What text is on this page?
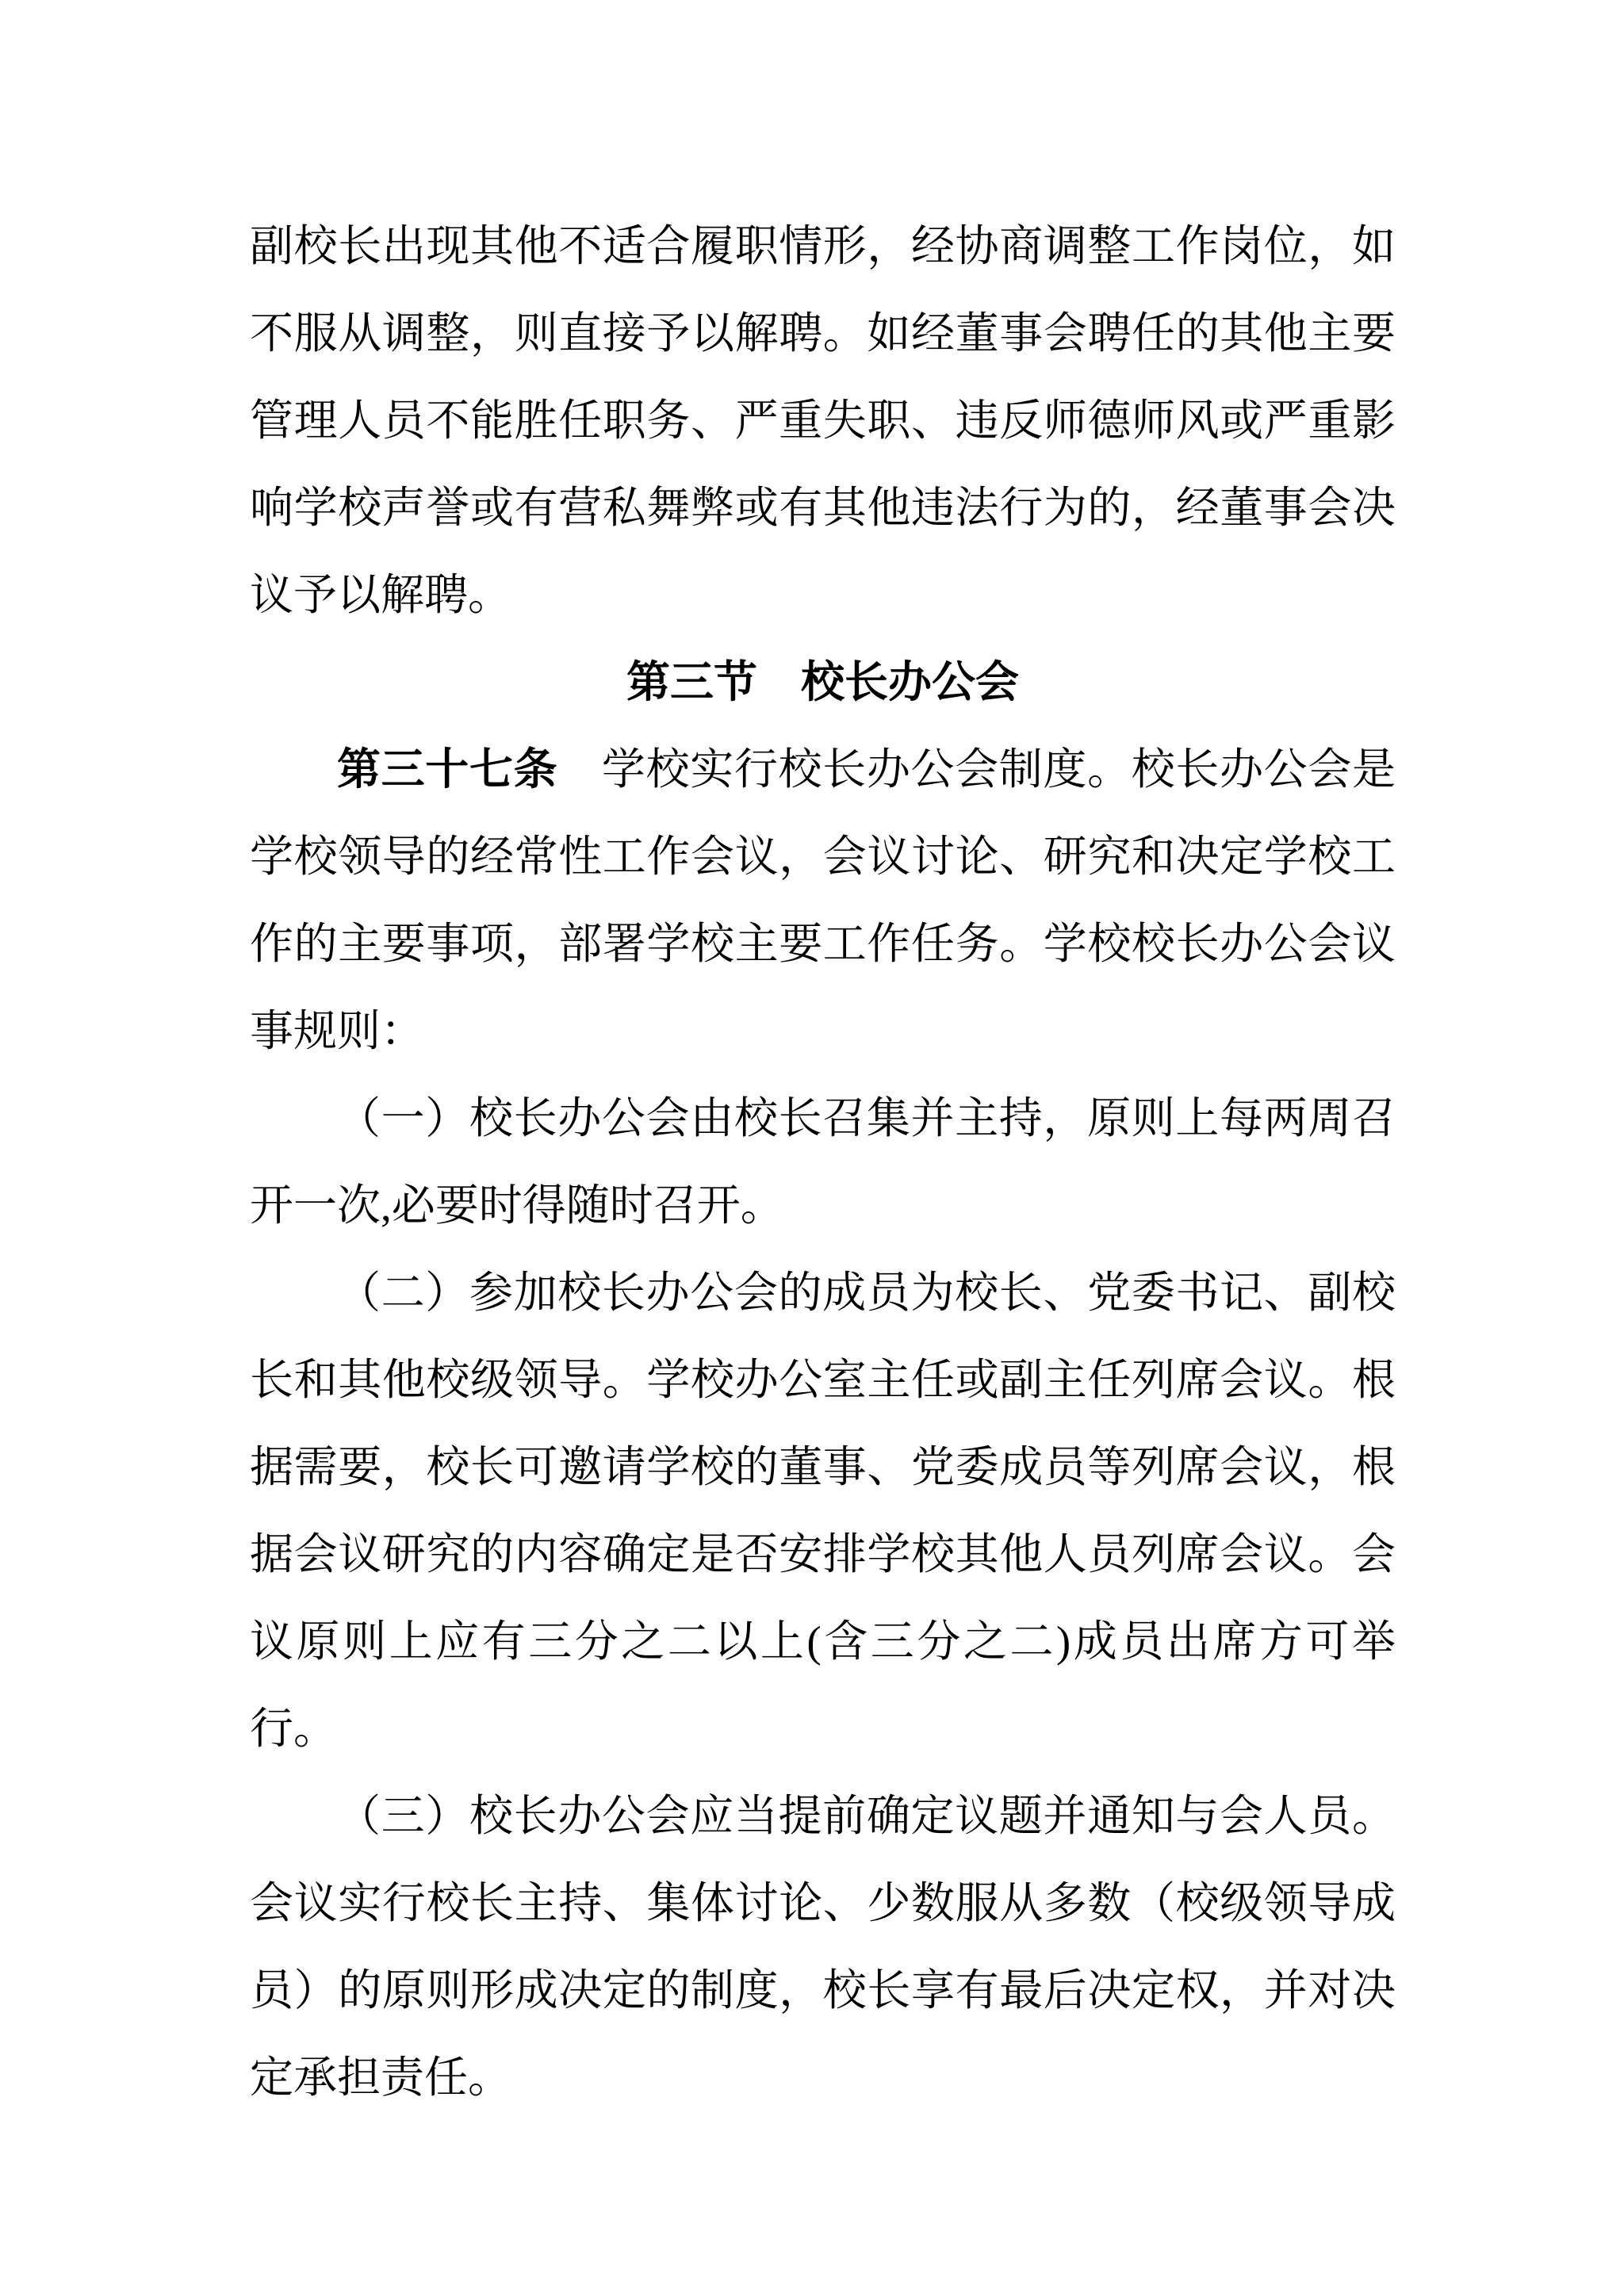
副校长出现其他不适合履职情形，经协商调整工作岗位，如
不服从调整，则直接予以解聘。如经董事会聘任的其他主要
管理人员不能胜任职务、严重失职、违反师德师风或严重影
响学校声誉或有营私舞弊或有其他违法行为的，经董事会决
议予以解聘。
第三节　校长办公会
第三十七条　学校实行校长办公会制度。校长办公会是
学校领导的经常性工作会议，会议讨论、研究和决定学校工
作的主要事项，部署学校主要工作任务。学校校长办公会议
事规则：
（一）校长办公会由校长召集并主持，原则上每两周召
开一次,必要时得随时召开。
（二）参加校长办公会的成员为校长、党委书记、副校
长和其他校级领导。学校办公室主任或副主任列席会议。根
据需要，校长可邀请学校的董事、党委成员等列席会议，根
据会议研究的内容确定是否安排学校其他人员列席会议。会
议原则上应有三分之二以上(含三分之二)成员出席方可举
行。
（三）校长办公会应当提前确定议题并通知与会人员。
会议实行校长主持、集体讨论、少数服从多数（校级领导成
员）的原则形成决定的制度，校长享有最后决定权，并对决
定承担责任。
